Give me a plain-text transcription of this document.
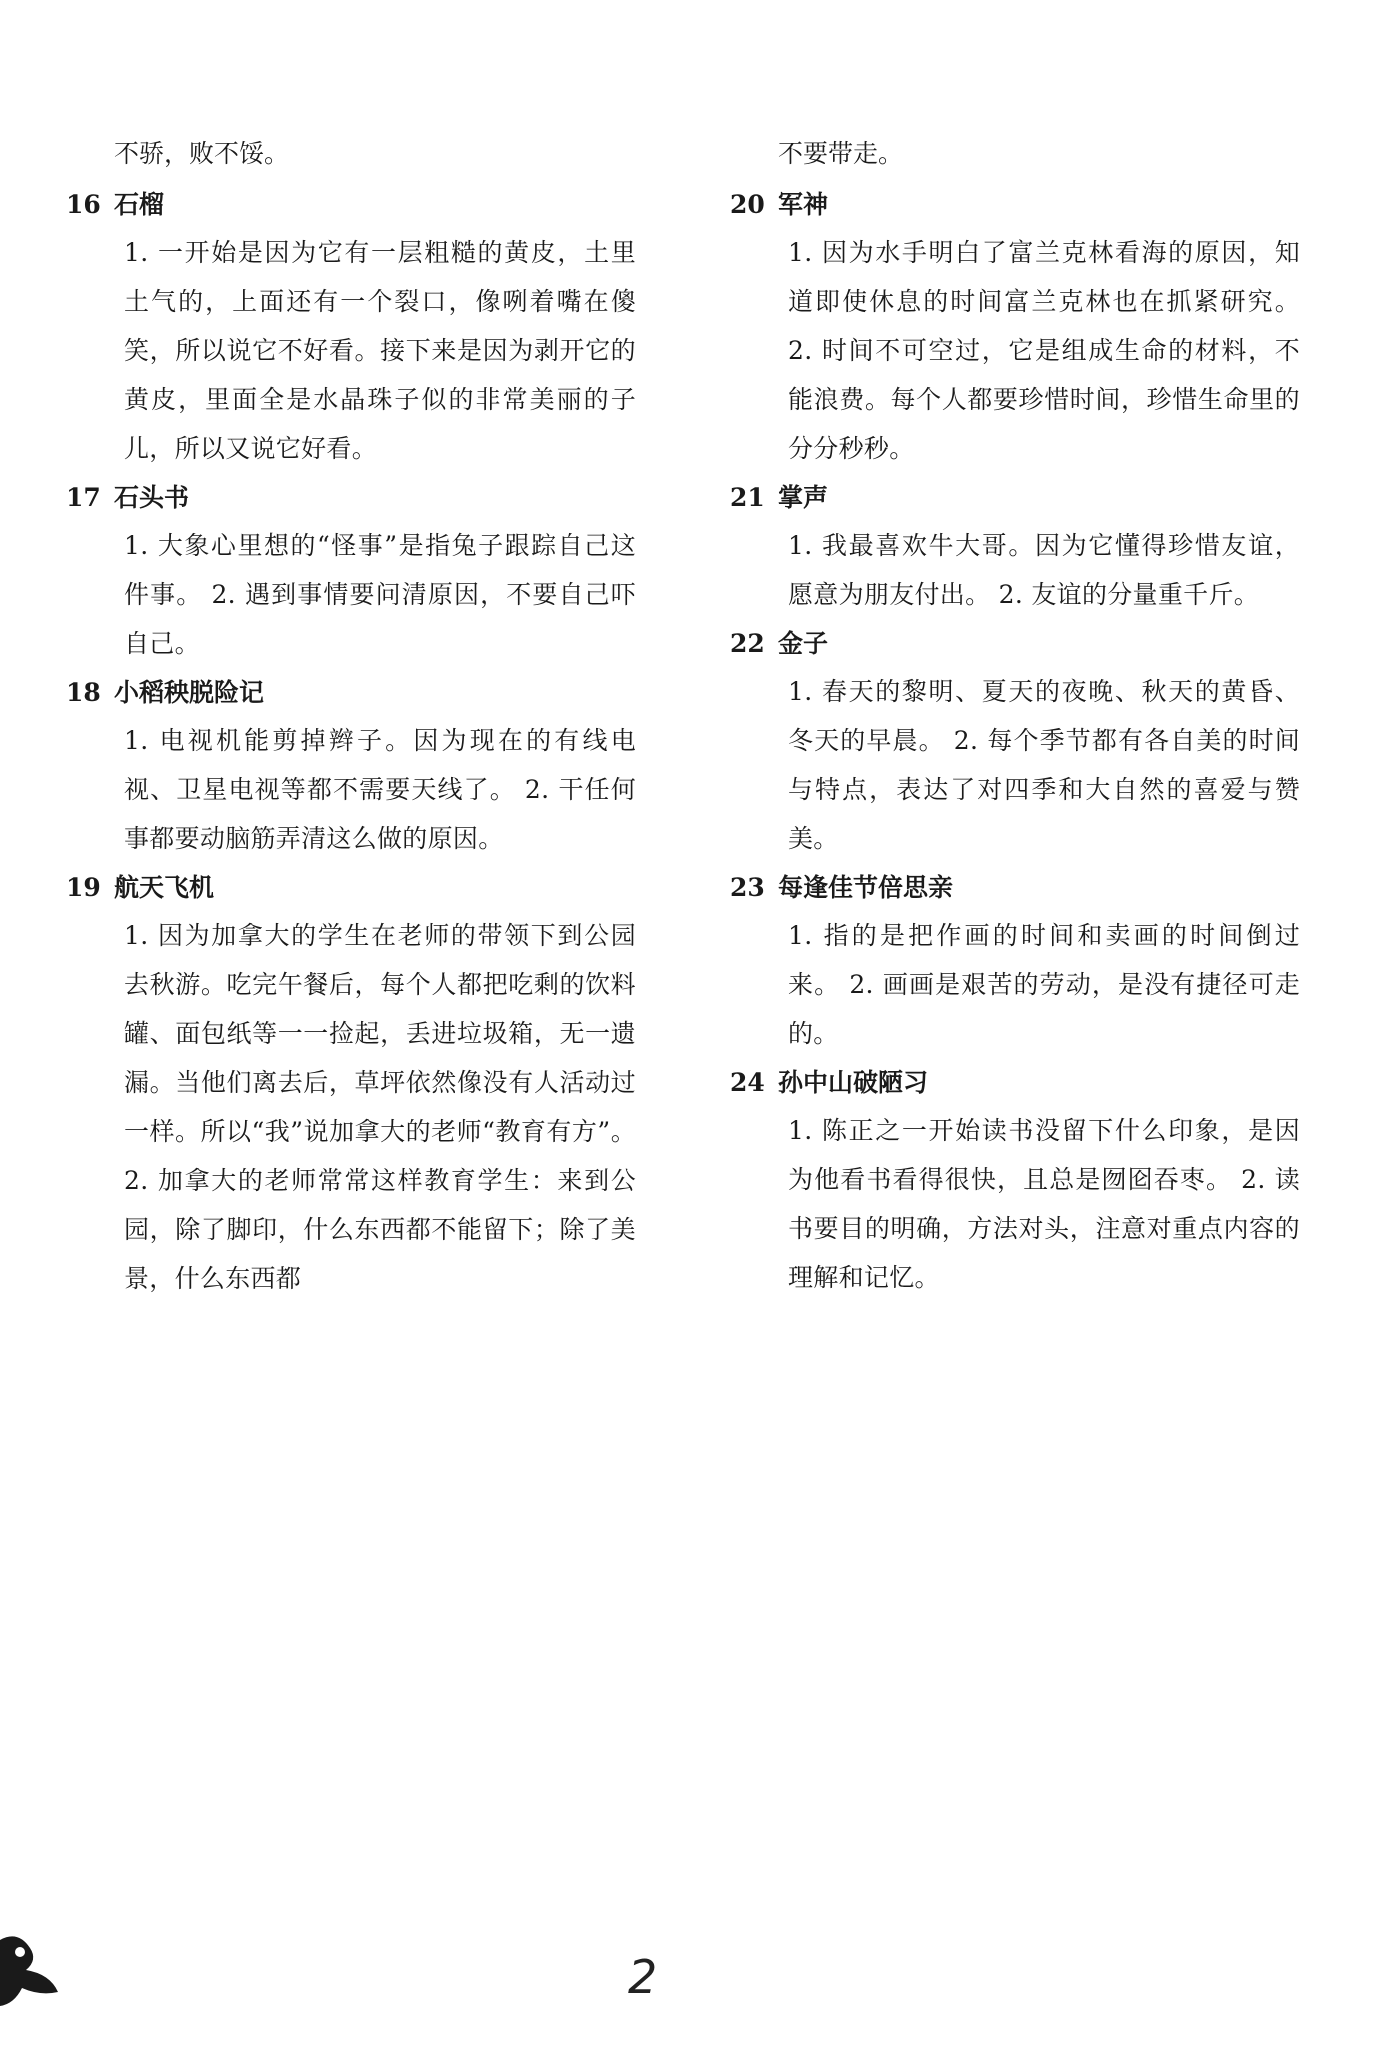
不骄，败不馁。

16 石榴

1. 一开始是因为它有一层粗糙的黄皮，土里土气的，上面还有一个裂口，像咧着嘴在傻笑，所以说它不好看。接下来是因为剥开它的黄皮，里面全是水晶珠子似的非常美丽的子儿，所以又说它好看。

17 石头书

1. 大象心里想的“怪事”是指兔子跟踪自己这件事。 2. 遇到事情要问清原因，不要自己吓自己。

18 小稻秧脱险记

1. 电视机能剪掉辫子。因为现在的有线电视、卫星电视等都不需要天线了。 2. 干任何事都要动脑筋弄清这么做的原因。

19 航天飞机

1. 因为加拿大的学生在老师的带领下到公园去秋游。吃完午餐后，每个人都把吃剩的饮料罐、面包纸等一一捡起，丢进垃圾箱，无一遗漏。当他们离去后，草坪依然像没有人活动过一样。所以“我”说加拿大的老师“教育有方”。 2. 加拿大的老师常常这样教育学生：来到公园，除了脚印，什么东西都不能留下；除了美景，什么东西都

不要带走。

20 军神

1. 因为水手明白了富兰克林看海的原因，知道即使休息的时间富兰克林也在抓紧研究。 2. 时间不可空过，它是组成生命的材料，不能浪费。每个人都要珍惜时间，珍惜生命里的分分秒秒。

21 掌声

1. 我最喜欢牛大哥。因为它懂得珍惜友谊，愿意为朋友付出。 2. 友谊的分量重千斤。

22 金子

1. 春天的黎明、夏天的夜晚、秋天的黄昏、冬天的早晨。 2. 每个季节都有各自美的时间与特点，表达了对四季和大自然的喜爱与赞美。

23 每逢佳节倍思亲

1. 指的是把作画的时间和卖画的时间倒过来。 2. 画画是艰苦的劳动，是没有捷径可走的。

24 孙中山破陋习

1. 陈正之一开始读书没留下什么印象，是因为他看书看得很快，且总是囫囵吞枣。 2. 读书要目的明确，方法对头，注意对重点内容的理解和记忆。

2
